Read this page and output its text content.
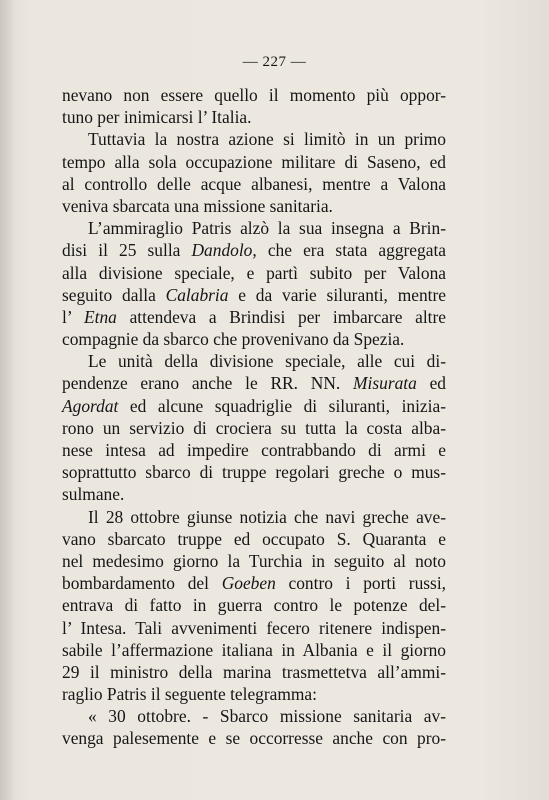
— 227 —
nevano non essere quello il momento più oppor-
tuno per inimicarsi l’ Italia.
Tuttavia la nostra azione si limitò in un primo
tempo alla sola occupazione militare di Saseno, ed
al controllo delle acque albanesi, mentre a Valona
veniva sbarcata una missione sanitaria.
L’ammiraglio Patris alzò la sua insegna a Brin-
disi il 25 sulla Dandolo, che era stata aggregata
alla divisione speciale, e partì subito per Valona
seguito dalla Calabria e da varie siluranti, mentre
l’ Etna attendeva a Brindisi per imbarcare altre
compagnie da sbarco che provenivano da Spezia.
Le unità della divisione speciale, alle cui di-
pendenze erano anche le RR. NN. Misurata ed
Agordat ed alcune squadriglie di siluranti, inizia-
rono un servizio di crociera su tutta la costa alba-
nese intesa ad impedire contrabbando di armi e
soprattutto sbarco di truppe regolari greche o mus-
sulmane.
Il 28 ottobre giunse notizia che navi greche ave-
vano sbarcato truppe ed occupato S. Quaranta e
nel medesimo giorno la Turchia in seguito al noto
bombardamento del Goeben contro i porti russi,
entrava di fatto in guerra contro le potenze del-
l’ Intesa. Tali avvenimenti fecero ritenere indispen-
sabile l’affermazione italiana in Albania e il giorno
29 il ministro della marina trasmettetva all’ammi-
raglio Patris il seguente telegramma:
« 30 ottobre. - Sbarco missione sanitaria av-
venga palesemente e se occorresse anche con pro-
